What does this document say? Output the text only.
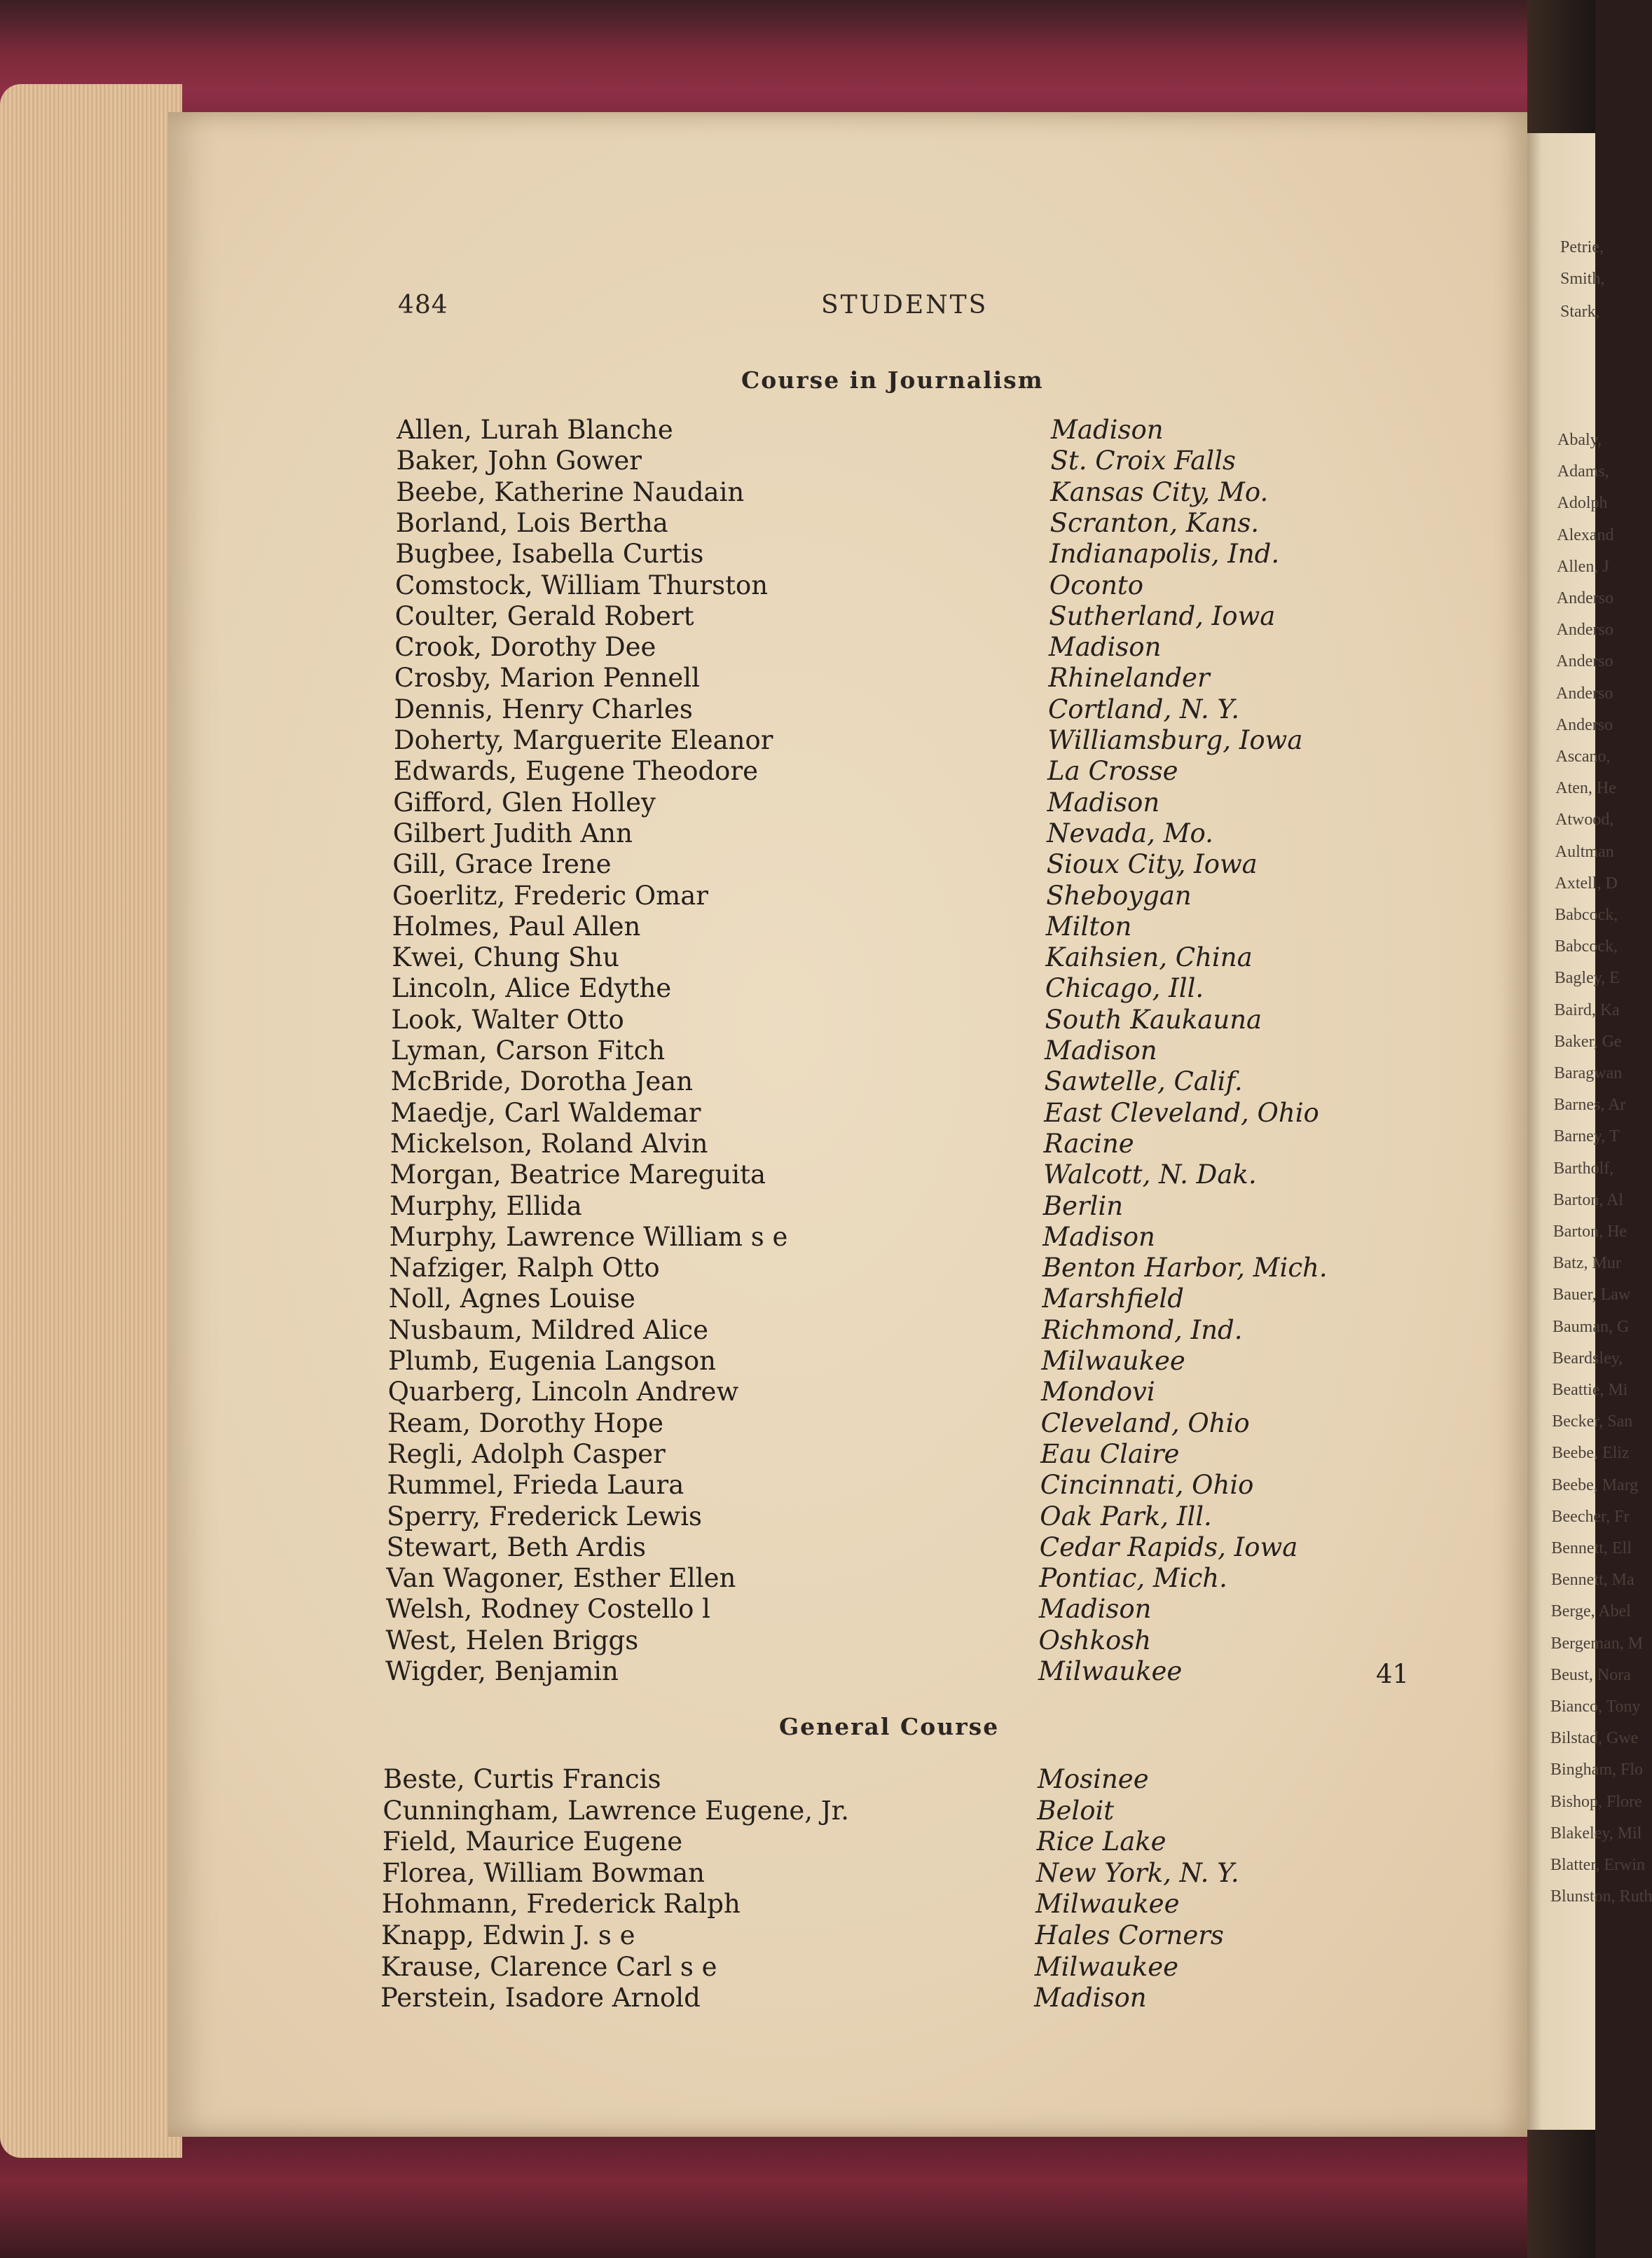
Petrie,
Smith,
Stark,
Abaly,
Adams,
Adolph
Alexand
Allen, J
Anderso
Anderso
Anderso
Anderso
Anderso
Ascano,
Aten, He
Atwood,
Aultman
Axtell, D
Babcock,
Babcock,
Bagley, E
Baird, Ka
Baker, Ge
Baragwan
Barnes, Ar
Barney, T
Bartholf,
Barton, Al
Barton, He
Batz, Mur
Bauer, Law
Bauman, G
Beardsley,
Beattie, Mi
Becker, San
Beebe, Eliz
Beebe, Marg
Beecher, Fr
Bennett, Ell
Bennett, Ma
Berge, Abel
Bergeman, M
Beust, Nora
Bianco, Tony
Bilstad, Gwe
Bingham, Flo
Bishop, Flore
Blakeley, Mil
Blatter, Erwin
Blunston, Ruth
484	STUDENTS
Course in Journalism
General Course
Allen, Lurah Blanche	Madison
Baker, John Gower	St. Croix Falls
Beebe, Katherine Naudain	Kansas City, Mo.
Borland, Lois Bertha	Scranton, Kans.
Bugbee, Isabella Curtis	Indianapolis, Ind.
Comstock, William Thurston	Oconto
Coulter, Gerald Robert	Sutherland, Iowa
Crook, Dorothy Dee	Madison
Crosby, Marion Pennell	Rhinelander
Dennis, Henry Charles	Cortland, N. Y.
Doherty, Marguerite Eleanor	Williamsburg, Iowa
Edwards, Eugene Theodore	La Crosse
Gifford, Glen Holley	Madison
Gilbert Judith Ann	Nevada, Mo.
Gill, Grace Irene	Sioux City, Iowa
Goerlitz, Frederic Omar	Sheboygan
Holmes, Paul Allen	Milton
Kwei, Chung Shu	Kaihsien, China
Lincoln, Alice Edythe	Chicago, Ill.
Look, Walter Otto	South Kaukauna
Lyman, Carson Fitch	Madison
McBride, Dorotha Jean	Sawtelle, Calif.
Maedje, Carl Waldemar	East Cleveland, Ohio
Mickelson, Roland Alvin	Racine
Morgan, Beatrice Mareguita	Walcott, N. Dak.
Murphy, Ellida	Berlin
Murphy, Lawrence William s e	Madison
Nafziger, Ralph Otto	Benton Harbor, Mich.
Noll, Agnes Louise	Marshfield
Nusbaum, Mildred Alice	Richmond, Ind.
Plumb, Eugenia Langson	Milwaukee
Quarberg, Lincoln Andrew	Mondovi
Ream, Dorothy Hope	Cleveland, Ohio
Regli, Adolph Casper	Eau Claire
Rummel, Frieda Laura	Cincinnati, Ohio
Sperry, Frederick Lewis	Oak Park, Ill.
Stewart, Beth Ardis	Cedar Rapids, Iowa
Van Wagoner, Esther Ellen	Pontiac, Mich.
Welsh, Rodney Costello l	Madison
West, Helen Briggs	Oshkosh
Wigder, Benjamin	Milwaukee
Beste, Curtis Francis	Mosinee
Cunningham, Lawrence Eugene, Jr.	Beloit
Field, Maurice Eugene	Rice Lake
Florea, William Bowman	New York, N. Y.
Hohmann, Frederick Ralph	Milwaukee
Knapp, Edwin J. s e	Hales Corners
Krause, Clarence Carl s e	Milwaukee
Perstein, Isadore Arnold	Madison
41
